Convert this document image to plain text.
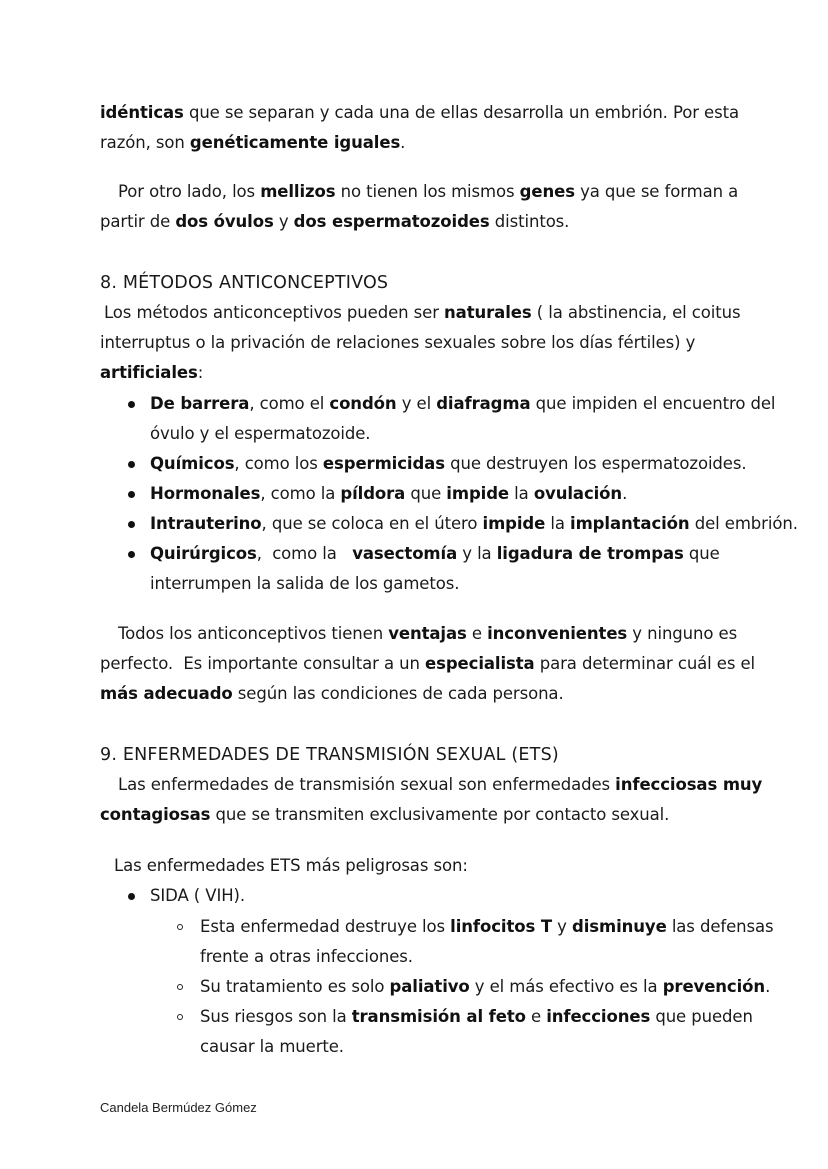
idénticas que se separan y cada una de ellas desarrolla un embrión. Por esta
razón, son genéticamente iguales.
Por otro lado, los mellizos no tienen los mismos genes ya que se forman a
partir de dos óvulos y dos espermatozoides distintos.
8. MÉTODOS ANTICONCEPTIVOS
Los métodos anticonceptivos pueden ser naturales ( la abstinencia, el coitus
interruptus o la privación de relaciones sexuales sobre los días fértiles) y
artificiales:
De barrera, como el condón y el diafragma que impiden el encuentro del
óvulo y el espermatozoide.
Químicos, como los espermicidas que destruyen los espermatozoides.
Hormonales, como la píldora que impide la ovulación.
Intrauterino, que se coloca en el útero impide la implantación del embrión.
Quirúrgicos,  como la   vasectomía y la ligadura de trompas que
interrumpen la salida de los gametos.
Todos los anticonceptivos tienen ventajas e inconvenientes y ninguno es
perfecto.  Es importante consultar a un especialista para determinar cuál es el
más adecuado según las condiciones de cada persona.
9. ENFERMEDADES DE TRANSMISIÓN SEXUAL (ETS)
Las enfermedades de transmisión sexual son enfermedades infecciosas muy
contagiosas que se transmiten exclusivamente por contacto sexual.
Las enfermedades ETS más peligrosas son:
SIDA ( VIH).
Esta enfermedad destruye los linfocitos T y disminuye las defensas
frente a otras infecciones.
Su tratamiento es solo paliativo y el más efectivo es la prevención.
Sus riesgos son la transmisión al feto e infecciones que pueden
causar la muerte.
Candela Bermúdez Gómez
